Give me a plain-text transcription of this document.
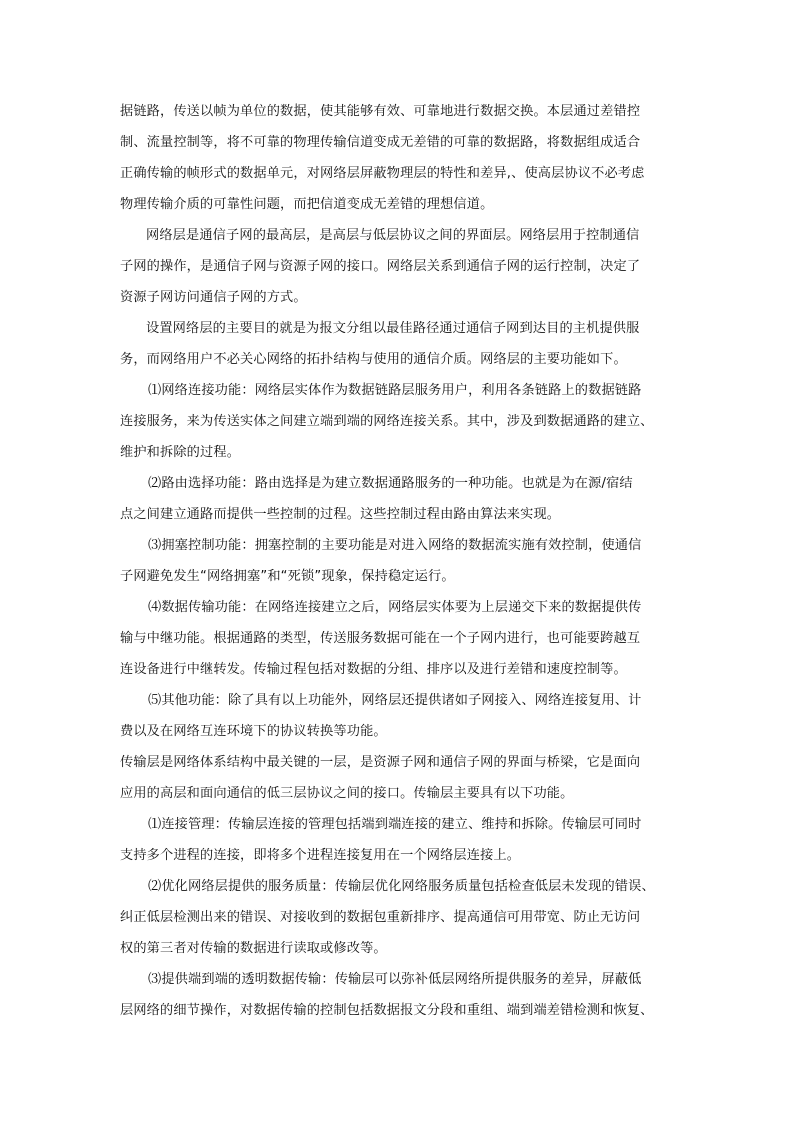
据链路，传送以帧为单位的数据，使其能够有效、可靠地进行数据交换。本层通过差错控
制、流量控制等，将不可靠的物理传输信道变成无差错的可靠的数据路，将数据组成适合
正确传输的帧形式的数据单元，对网络层屏蔽物理层的特性和差异,、使高层协议不必考虑
物理传输介质的可靠性问题，而把信道变成无差错的理想信道。
网络层是通信子网的最高层，是高层与低层协议之间的界面层。网络层用于控制通信
子网的操作，是通信子网与资源子网的接口。网络层关系到通信子网的运行控制，决定了
资源子网访问通信子网的方式。
设置网络层的主要目的就是为报文分组以最佳路径通过通信子网到达目的主机提供服
务，而网络用户不必关心网络的拓扑结构与使用的通信介质。网络层的主要功能如下。
⑴网络连接功能：网络层实体作为数据链路层服务用户，利用各条链路上的数据链路
连接服务，来为传送实体之间建立端到端的网络连接关系。其中，涉及到数据通路的建立、
维护和拆除的过程。
⑵路由选择功能：路由选择是为建立数据通路服务的一种功能。也就是为在源/宿结
点之间建立通路而提供一些控制的过程。这些控制过程由路由算法来实现。
⑶拥塞控制功能：拥塞控制的主要功能是对进入网络的数据流实施有效控制，使通信
子网避免发生“网络拥塞”和“死锁”现象，保持稳定运行。
⑷数据传输功能：在网络连接建立之后，网络层实体要为上层递交下来的数据提供传
输与中继功能。根据通路的类型，传送服务数据可能在一个子网内进行，也可能要跨越互
连设备进行中继转发。传输过程包括对数据的分组、排序以及进行差错和速度控制等。
⑸其他功能：除了具有以上功能外，网络层还提供诸如子网接入、网络连接复用、计
费以及在网络互连环境下的协议转换等功能。
传输层是网络体系结构中最关键的一层，是资源子网和通信子网的界面与桥梁，它是面向
应用的高层和面向通信的低三层协议之间的接口。传输层主要具有以下功能。
⑴连接管理：传输层连接的管理包括端到端连接的建立、维持和拆除。传输层可同时
支持多个进程的连接，即将多个进程连接复用在一个网络层连接上。
⑵优化网络层提供的服务质量：传输层优化网络服务质量包括检查低层未发现的错误、
纠正低层检测出来的错误、对接收到的数据包重新排序、提高通信可用带宽、防止无访问
权的第三者对传输的数据进行读取或修改等。
⑶提供端到端的透明数据传输：传输层可以弥补低层网络所提供服务的差异，屏蔽低
层网络的细节操作，对数据传输的控制包括数据报文分段和重组、端到端差错检测和恢复、
